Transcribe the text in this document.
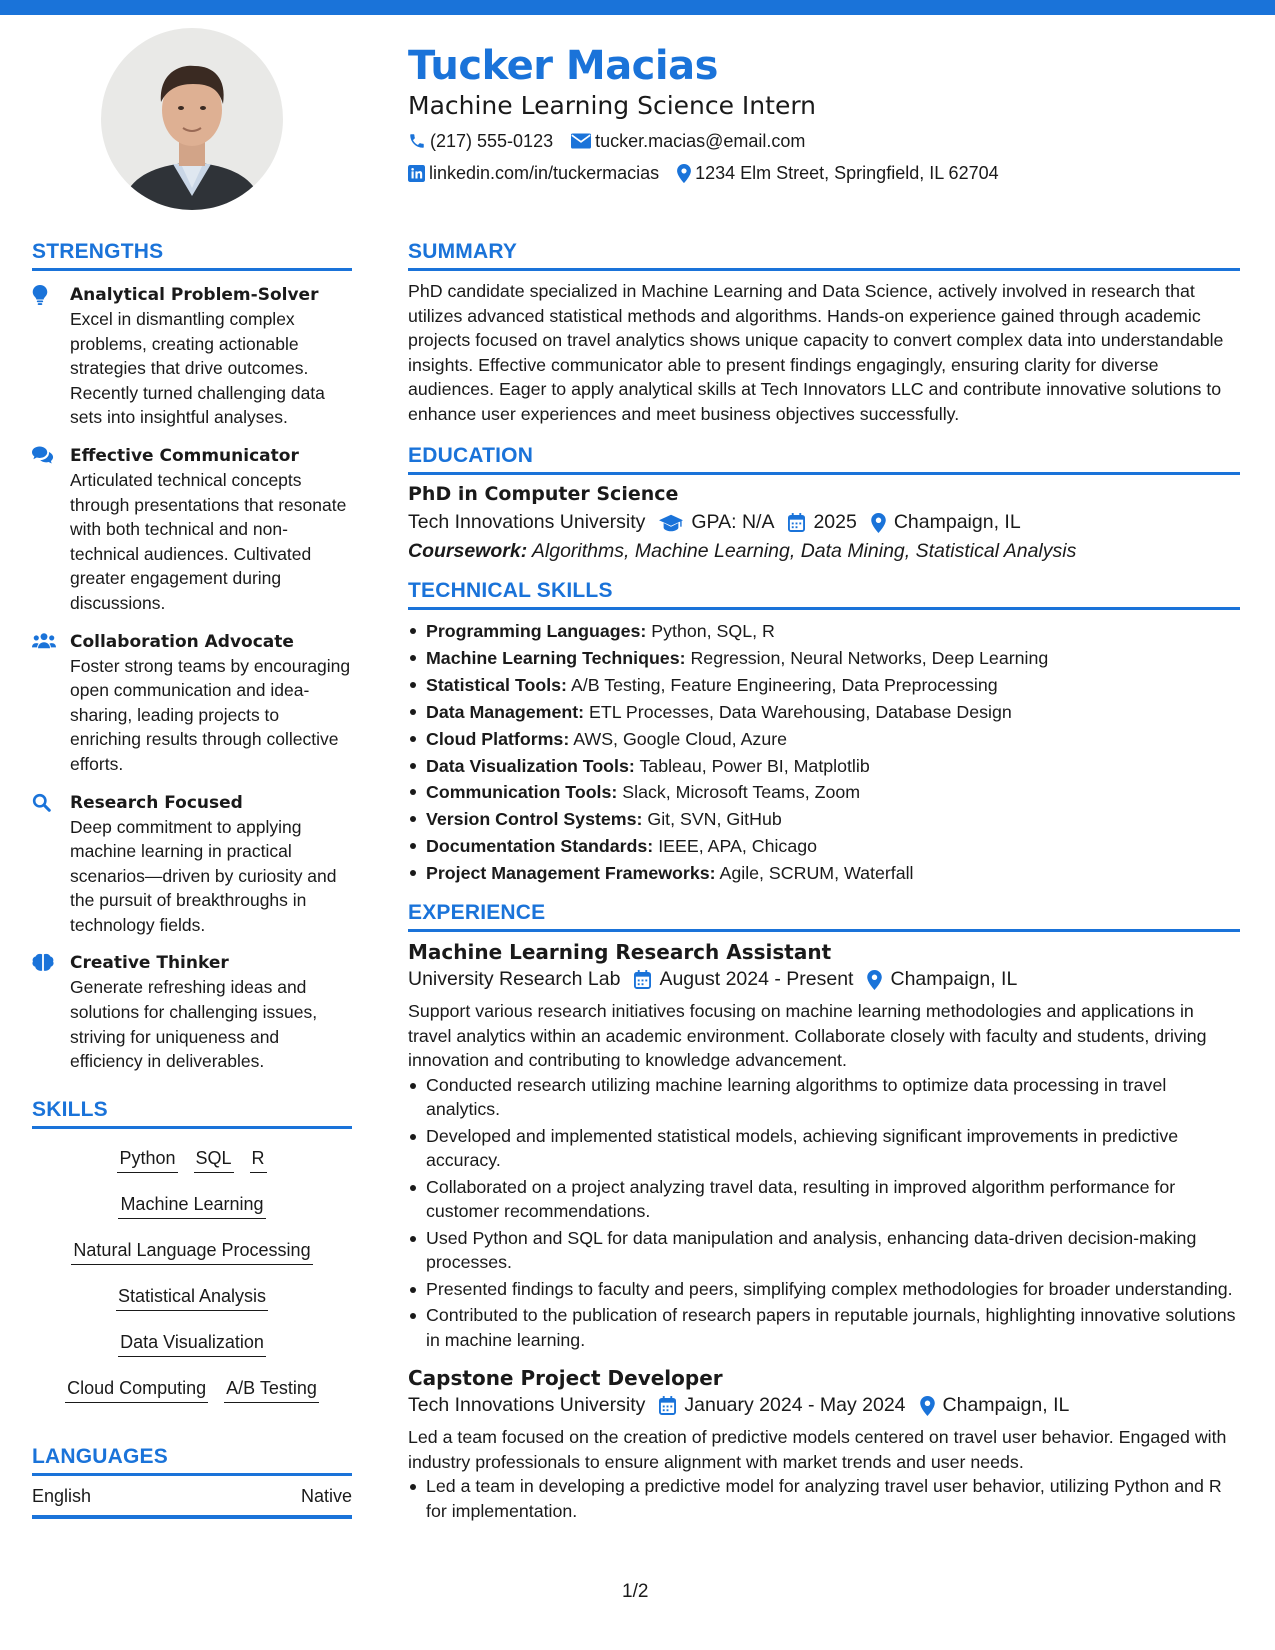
Tucker Macias
Machine Learning Science Intern
(217) 555-0123 tucker.macias@email.com
linkedin.com/in/tuckermacias 1234 Elm Street, Springfield, IL 62704
STRENGTHS
Analytical Problem-Solver
Excel in dismantling complex problems, creating actionable strategies that drive outcomes. Recently turned challenging data sets into insightful analyses.
Effective Communicator
Articulated technical concepts through presentations that resonate with both technical and non-technical audiences. Cultivated greater engagement during discussions.
Collaboration Advocate
Foster strong teams by encouraging open communication and idea-sharing, leading projects to enriching results through collective efforts.
Research Focused
Deep commitment to applying machine learning in practical scenarios—driven by curiosity and the pursuit of breakthroughs in technology fields.
Creative Thinker
Generate refreshing ideas and solutions for challenging issues, striving for uniqueness and efficiency in deliverables.
SKILLS
Python SQL R
Machine Learning
Natural Language Processing
Statistical Analysis
Data Visualization
Cloud Computing A/B Testing
LANGUAGES
English	Native
SUMMARY
PhD candidate specialized in Machine Learning and Data Science, actively involved in research that utilizes advanced statistical methods and algorithms. Hands-on experience gained through academic projects focused on travel analytics shows unique capacity to convert complex data into understandable insights. Effective communicator able to present findings engagingly, ensuring clarity for diverse audiences. Eager to apply analytical skills at Tech Innovators LLC and contribute innovative solutions to enhance user experiences and meet business objectives successfully.
EDUCATION
PhD in Computer Science
Tech Innovations University GPA: N/A 2025 Champaign, IL
Coursework: Algorithms, Machine Learning, Data Mining, Statistical Analysis
TECHNICAL SKILLS
Programming Languages: Python, SQL, R
Machine Learning Techniques: Regression, Neural Networks, Deep Learning
Statistical Tools: A/B Testing, Feature Engineering, Data Preprocessing
Data Management: ETL Processes, Data Warehousing, Database Design
Cloud Platforms: AWS, Google Cloud, Azure
Data Visualization Tools: Tableau, Power BI, Matplotlib
Communication Tools: Slack, Microsoft Teams, Zoom
Version Control Systems: Git, SVN, GitHub
Documentation Standards: IEEE, APA, Chicago
Project Management Frameworks: Agile, SCRUM, Waterfall
EXPERIENCE
Machine Learning Research Assistant
University Research Lab August 2024 - Present Champaign, IL
Support various research initiatives focusing on machine learning methodologies and applications in travel analytics within an academic environment. Collaborate closely with faculty and students, driving innovation and contributing to knowledge advancement.
Conducted research utilizing machine learning algorithms to optimize data processing in travel analytics.
Developed and implemented statistical models, achieving significant improvements in predictive accuracy.
Collaborated on a project analyzing travel data, resulting in improved algorithm performance for customer recommendations.
Used Python and SQL for data manipulation and analysis, enhancing data-driven decision-making processes.
Presented findings to faculty and peers, simplifying complex methodologies for broader understanding.
Contributed to the publication of research papers in reputable journals, highlighting innovative solutions in machine learning.
Capstone Project Developer
Tech Innovations University January 2024 - May 2024 Champaign, IL
Led a team focused on the creation of predictive models centered on travel user behavior. Engaged with industry professionals to ensure alignment with market trends and user needs.
Led a team in developing a predictive model for analyzing travel user behavior, utilizing Python and R for implementation.
1/2
